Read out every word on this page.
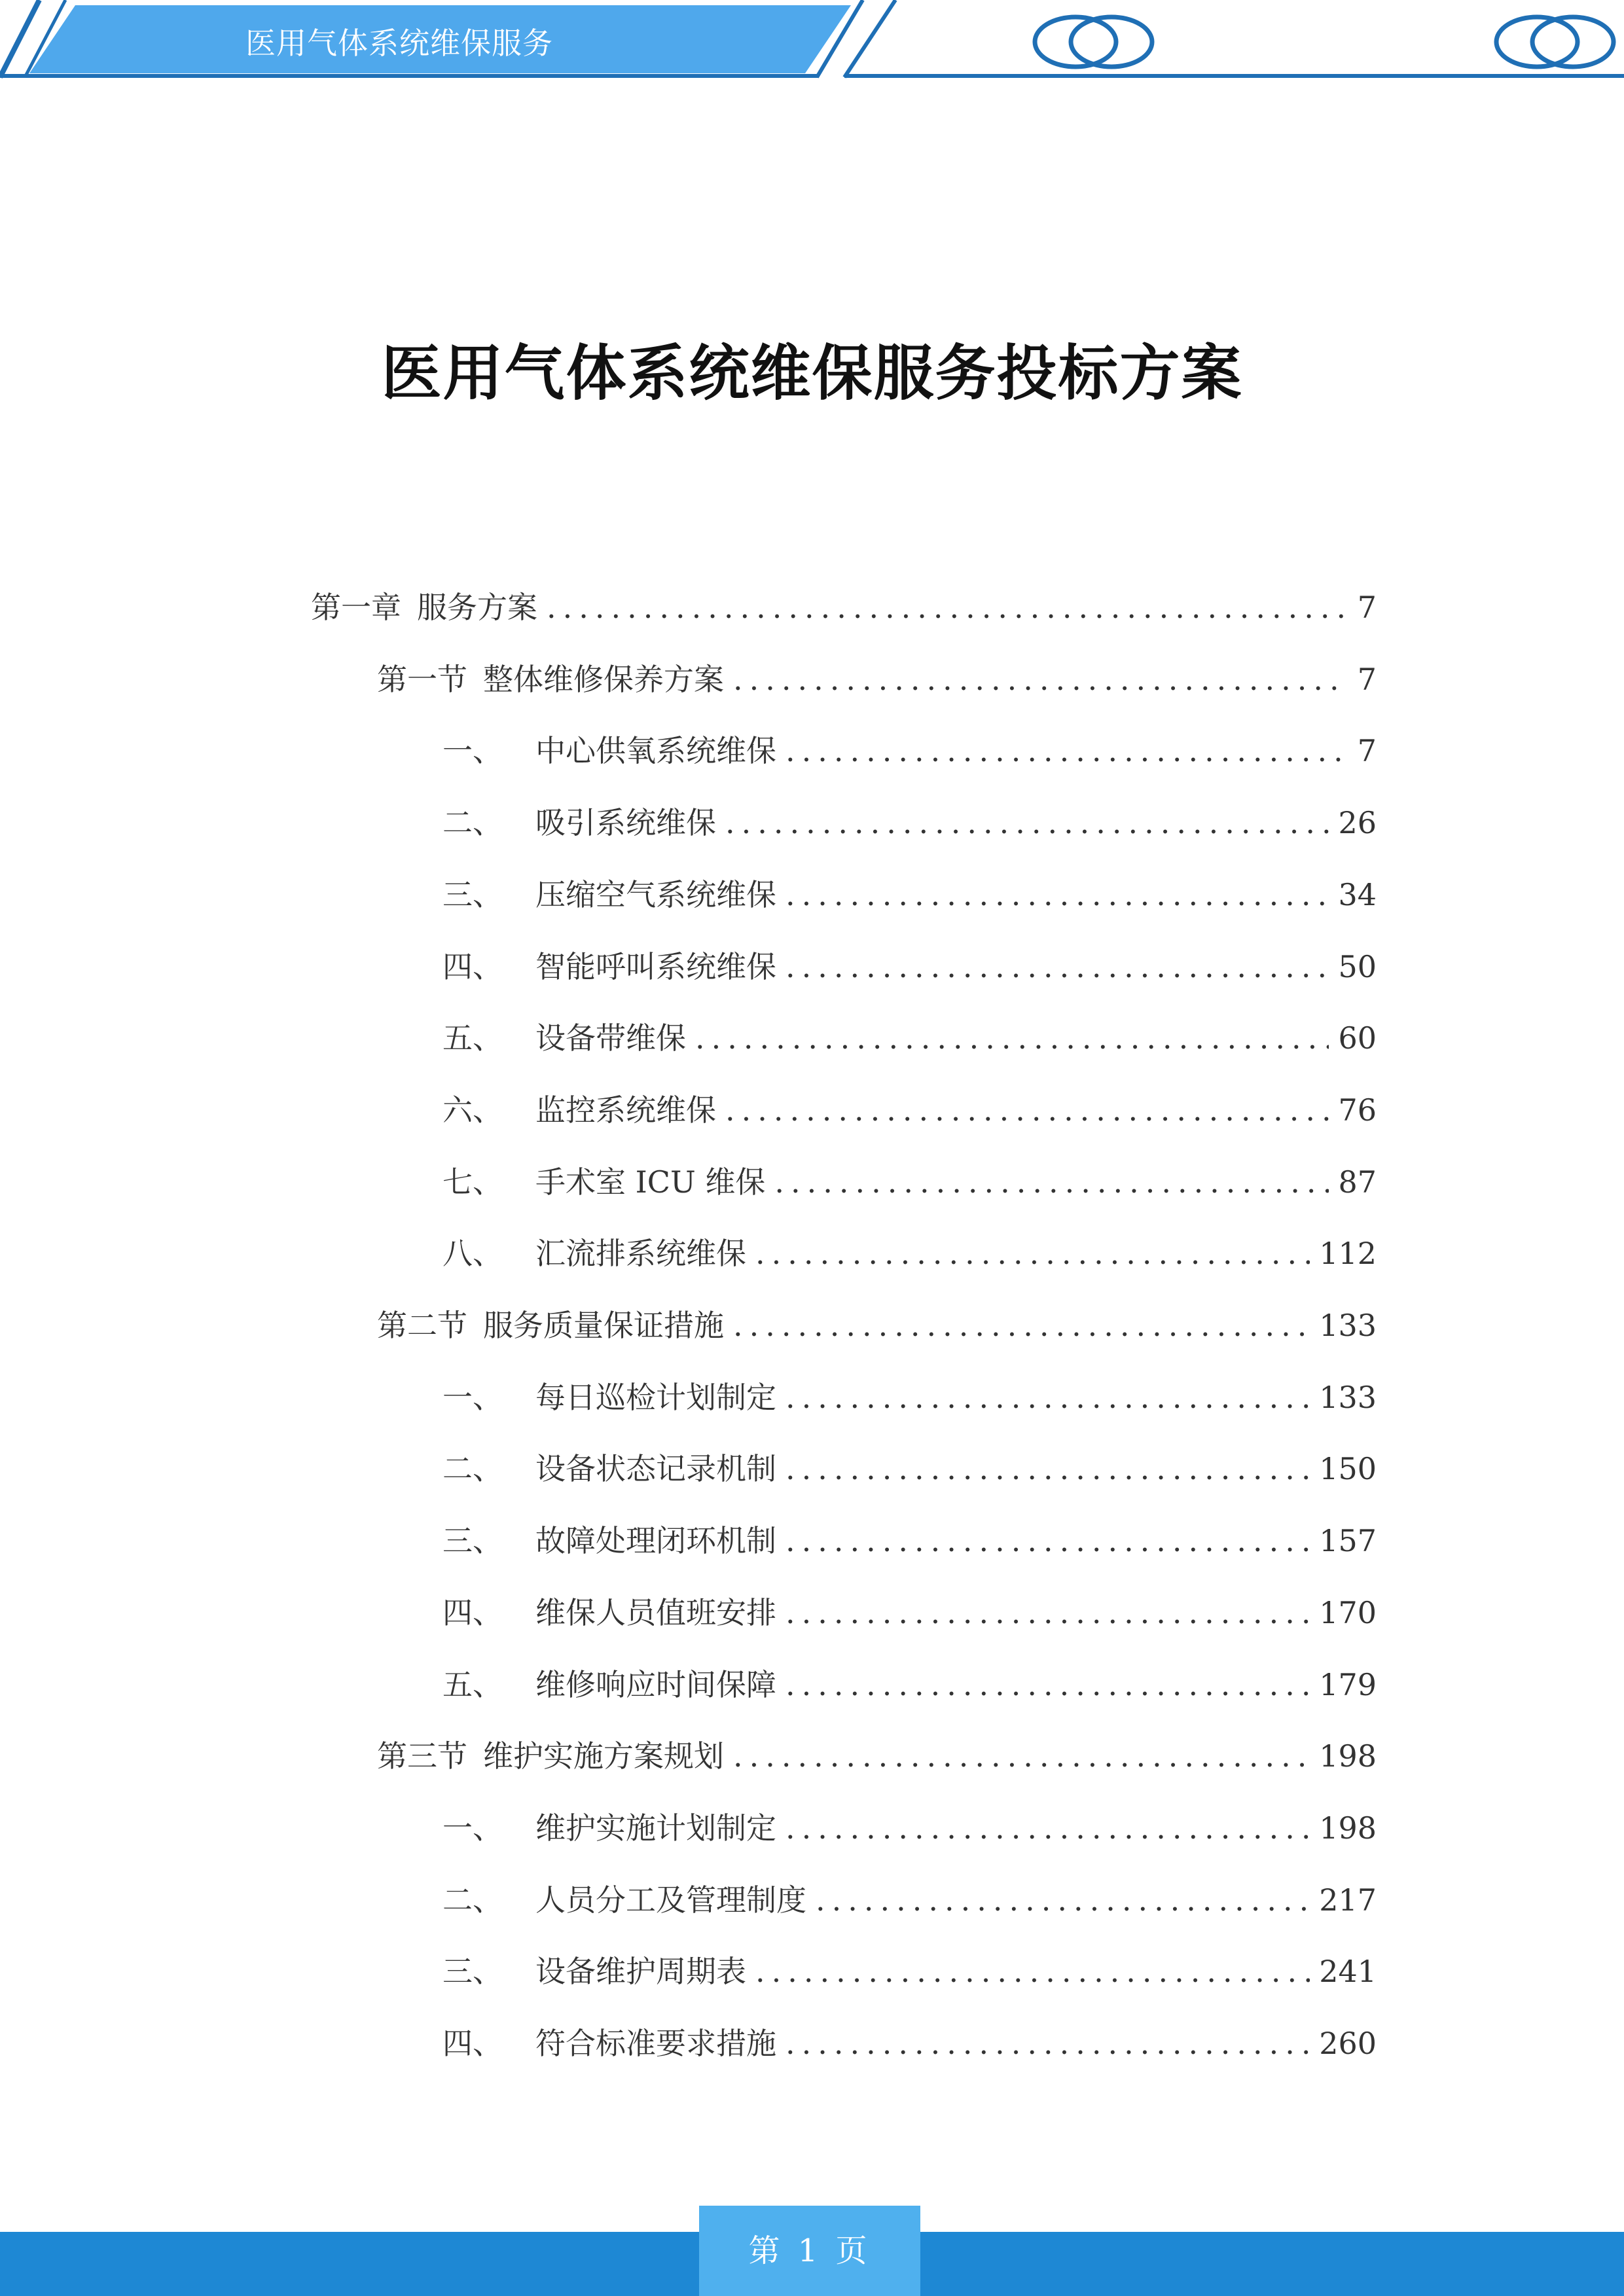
医用气体系统维保服务
医用气体系统维保服务投标方案
第一章 服务方案 .....	7
第一节 整体维修保养方案 .....	7
一、 中心供氧系统维保 .....	7
二、 吸引系统维保 .....	26
三、 压缩空气系统维保 .....	34
四、 智能呼叫系统维保 .....	50
五、 设备带维保 .....	60
六、 监控系统维保 .....	76
七、 手术室 ICU 维保 .....	87
八、 汇流排系统维保 .....	112
第二节 服务质量保证措施 .....	133
一、 每日巡检计划制定 .....	133
二、 设备状态记录机制 .....	150
三、 故障处理闭环机制 .....	157
四、 维保人员值班安排 .....	170
五、 维修响应时间保障 .....	179
第三节 维护实施方案规划 .....	198
一、 维护实施计划制定 .....	198
二、 人员分工及管理制度 .....	217
三、 设备维护周期表 .....	241
四、 符合标准要求措施 .....	260
第 1 页
